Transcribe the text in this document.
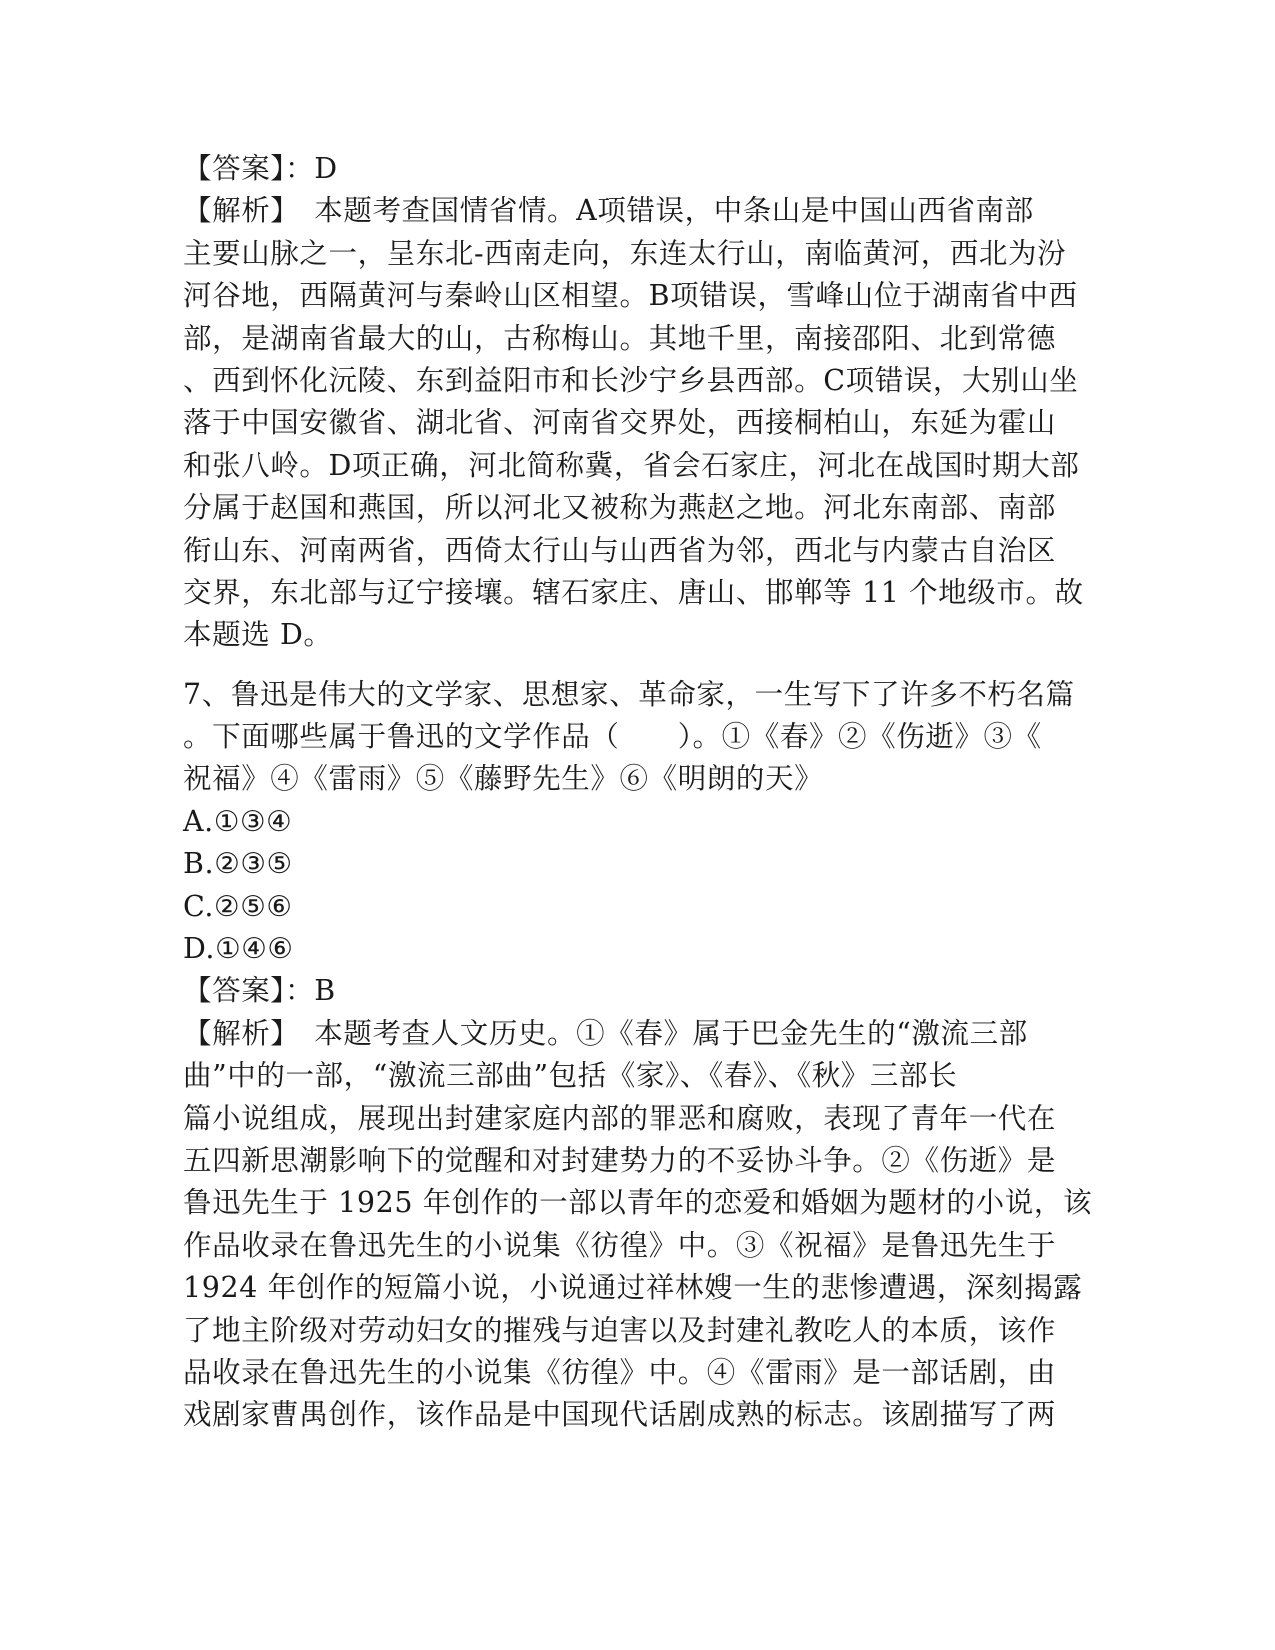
【答案】：D
【解析】　本题考查国情省情。A项错误，中条山是中国山西省南部
主要山脉之一，呈东北-西南走向，东连太行山，南临黄河，西北为汾
河谷地，西隔黄河与秦岭山区相望。B项错误，雪峰山位于湖南省中西
部，是湖南省最大的山，古称梅山。其地千里，南接邵阳、北到常德
、西到怀化沅陵、东到益阳市和长沙宁乡县西部。C项错误，大别山坐
落于中国安徽省、湖北省、河南省交界处，西接桐柏山，东延为霍山
和张八岭。D项正确，河北简称冀，省会石家庄，河北在战国时期大部
分属于赵国和燕国，所以河北又被称为燕赵之地。河北东南部、南部
衔山东、河南两省，西倚太行山与山西省为邻，西北与内蒙古自治区
交界，东北部与辽宁接壤。辖石家庄、唐山、邯郸等 11 个地级市。故
本题选 D。
7、鲁迅是伟大的文学家、思想家、革命家，一生写下了许多不朽名篇
。下面哪些属于鲁迅的文学作品（　　）。①《春》②《伤逝》③《
祝福》④《雷雨》⑤《藤野先生》⑥《明朗的天》
A.①③④
B.②③⑤
C.②⑤⑥
D.①④⑥
【答案】：B
【解析】　本题考查人文历史。①《春》属于巴金先生的“激流三部
曲”中的一部，“激流三部曲”包括《家》、《春》、《秋》三部长
篇小说组成，展现出封建家庭内部的罪恶和腐败，表现了青年一代在
五四新思潮影响下的觉醒和对封建势力的不妥协斗争。②《伤逝》是
鲁迅先生于 1925 年创作的一部以青年的恋爱和婚姻为题材的小说，该
作品收录在鲁迅先生的小说集《彷徨》中。③《祝福》是鲁迅先生于
1924 年创作的短篇小说，小说通过祥林嫂一生的悲惨遭遇，深刻揭露
了地主阶级对劳动妇女的摧残与迫害以及封建礼教吃人的本质，该作
品收录在鲁迅先生的小说集《彷徨》中。④《雷雨》是一部话剧，由
戏剧家曹禺创作，该作品是中国现代话剧成熟的标志。该剧描写了两
